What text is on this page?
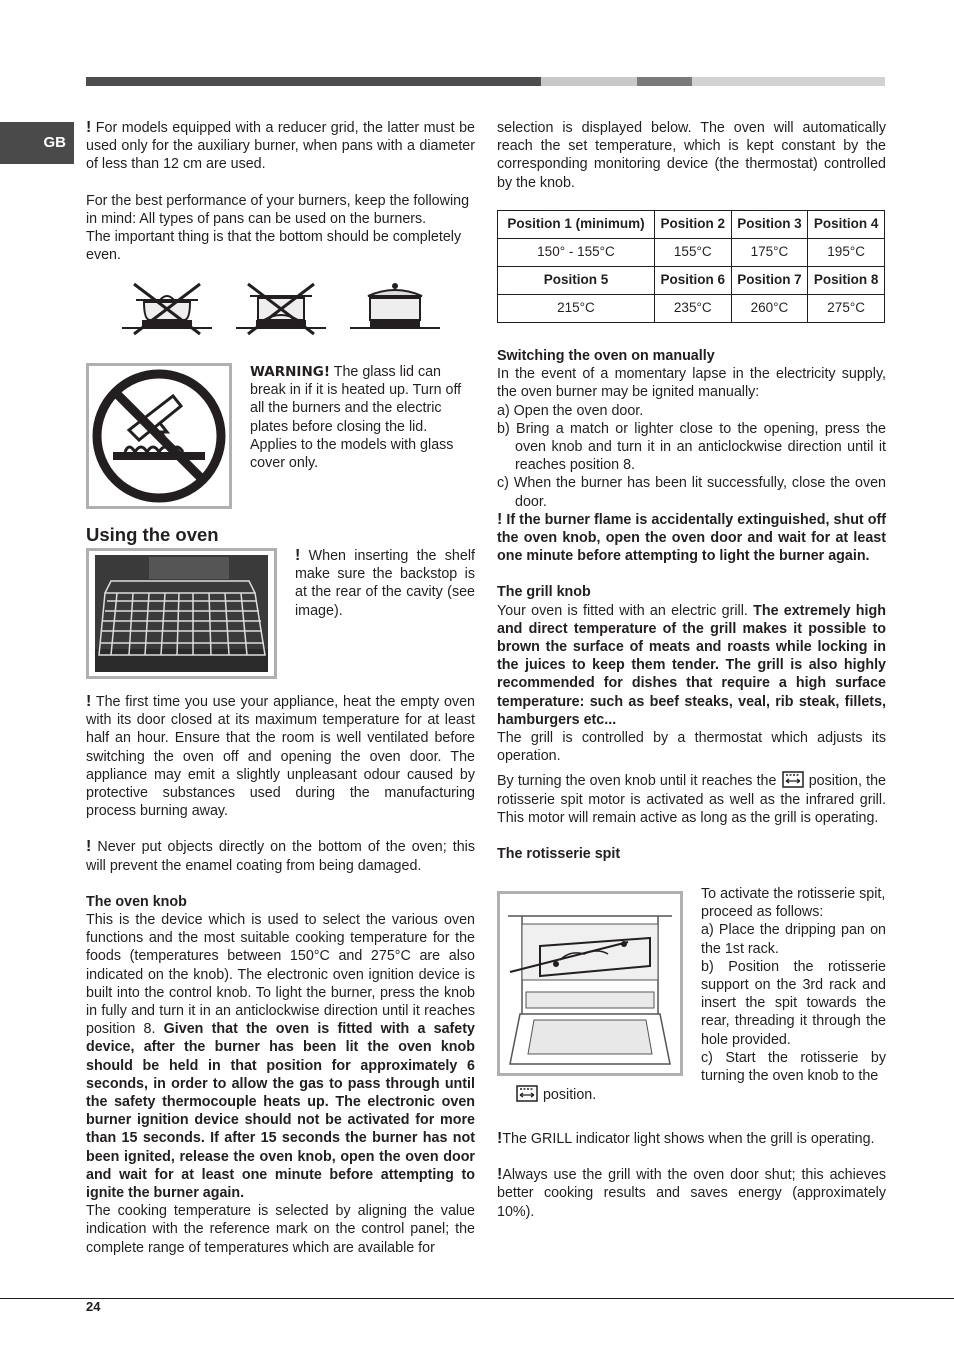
GB

! For models equipped with a reducer grid, the latter must be used only for the auxiliary burner, when pans with a diameter of less than 12 cm are used.

For the best performance of your burners, keep the following in mind: All types of pans can be used on the burners.

The important thing is that the bottom should be completely even.

WARNING! The glass lid can break in if it is heated up. Turn off all the burners and the electric plates before closing the lid. Applies to the models with glass cover only.

Using the oven

! When inserting the shelf make sure the backstop is at the rear of the cavity (see image).

! The first time you use your appliance, heat the empty oven with its door closed at its maximum temperature for at least half an hour. Ensure that the room is well ventilated before switching the oven off and opening the oven door. The appliance may emit a slightly unpleasant odour caused by protective substances used during the manufacturing process burning away.

! Never put objects directly on the bottom of the oven; this will prevent the enamel coating from being damaged.

The oven knob

This is the device which is used to select the various oven functions and the most suitable cooking temperature for the foods (temperatures between 150°C and 275°C are also indicated on the knob). The electronic oven ignition device is built into the control knob. To light the burner, press the knob in fully and turn it in an anticlockwise direction until it reaches position 8. Given that the oven is fitted with a safety device, after the burner has been lit the oven knob should be held in that position for approximately 6 seconds, in order to allow the gas to pass through until the safety thermocouple heats up. The electronic oven burner ignition device should not be activated for more than 15 seconds. If after 15 seconds the burner has not been ignited, release the oven knob, open the oven door and wait for at least one minute before attempting to ignite the burner again.

The cooking temperature is selected by aligning the value indication with the reference mark on the control panel; the complete range of temperatures which are available for

selection is displayed below. The oven will automatically reach the set temperature, which is kept constant by the corresponding monitoring device (the thermostat) controlled by the knob.

Position 1 (minimum)	Position 2	Position 3	Position 4
150° - 155°C	155°C	175°C	195°C
Position 5	Position 6	Position 7	Position 8
215°C	235°C	260°C	275°C

Switching the oven on manually

In the event of a momentary lapse in the electricity supply, the oven burner may be ignited manually:

a) Open the oven door.

b) Bring a match or lighter close to the opening, press the oven knob and turn it in an anticlockwise direction until it reaches position 8.

c) When the burner has been lit successfully, close the oven door.

! If the burner flame is accidentally extinguished, shut off the oven knob, open the oven door and wait for at least one minute before attempting to light the burner again.

The grill knob

Your oven is fitted with an electric grill. The extremely high and direct temperature of the grill makes it possible to brown the surface of meats and roasts while locking in the juices to keep them tender. The grill is also highly recommended for dishes that require a high surface temperature: such as beef steaks, veal, rib steak, fillets, hamburgers etc...

The grill is controlled by a thermostat which adjusts its operation.

By turning the oven knob until it reaches the position, the rotisserie spit motor is activated as well as the infrared grill. This motor will remain active as long as the grill is operating.

The rotisserie spit

To activate the rotisserie spit, proceed as follows:

a) Place the dripping pan on the 1st rack.

b) Position the rotisserie support on the 3rd rack and insert the spit towards the rear, threading it through the hole provided.

c) Start the rotisserie by turning the oven knob to the

position.

!The GRILL indicator light shows when the grill is operating.

!Always use the grill with the oven door shut; this achieves better cooking results and saves energy (approximately 10%).

24
